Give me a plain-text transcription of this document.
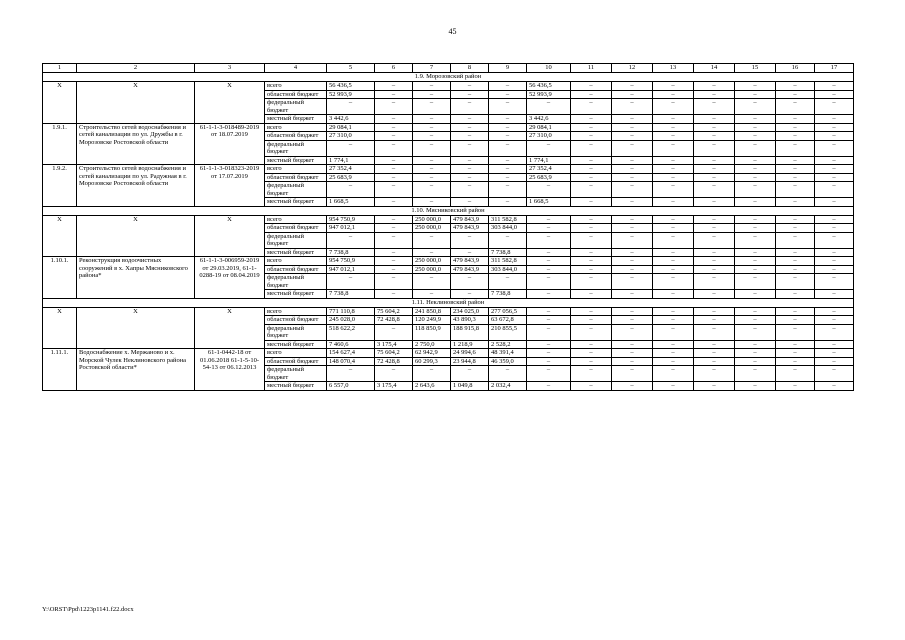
45
1	2	3	4	5	6	7	8	9	10	11	12	13	14	15	16	17
1.9. Морозовский район																
Х	Х	Х	всего	56 436,5	–	–	–	–	56 436,5	–	–	–	–	–	–	–
			областной бюджет	52 993,9	–	–	–	–	52 993,9	–	–	–	–	–	–	–
			федеральный бюджет	–	–	–	–	–	–	–	–	–	–	–	–	–
			местный бюджет	3 442,6	–	–	–	–	3 442,6	–	–	–	–	–	–	–
1.9.1.	Строительство сетей водоснабжения и сетей канализации по ул. Дружбы в г. Морозовске Ростовской области	61-1-1-3-018489-2019 от 18.07.2019	всего	29 084,1	–	–	–	–	29 084,1	–	–	–	–	–	–	–
			областной бюджет	27 310,0	–	–	–	–	27 310,0	–	–	–	–	–	–	–
			федеральный бюджет	–	–	–	–	–	–	–	–	–	–	–	–	–
			местный бюджет	1 774,1	–	–	–	–	1 774,1	–	–	–	–	–	–	–
1.9.2.	Строительство сетей водоснабжения и сетей канализации по ул. Радужная в г. Морозовске Ростовской области	61-1-1-3-018323-2019 от 17.07.2019	всего	27 352,4	–	–	–	–	27 352,4	–	–	–	–	–	–	–
			областной бюджет	25 683,9	–	–	–	–	25 683,9	–	–	–	–	–	–	–
			федеральный бюджет	–	–	–	–	–	–	–	–	–	–	–	–	–
			местный бюджет	1 668,5	–	–	–	–	1 668,5	–	–	–	–	–	–	–
1.10. Мясниковский район																
Х	Х	Х	всего	954 750,9	–	250 000,0	479 843,9	311 582,8	–	–	–	–	–	–	–	–
			областной бюджет	947 012,1	–	250 000,0	479 843,9	303 844,0	–	–	–	–	–	–	–	–
			федеральный бюджет	–	–	–	–	–	–	–	–	–	–	–	–	–
			местный бюджет	7 738,8	–	–	–	7 738,8	–	–	–	–	–	–	–	–
1.10.1.	Реконструкция водоочистных сооружений в х. Хапры Мясниковского района*	61-1-1-3-006959-2019 от 29.03.2019, 61-1-0288-19 от 08.04.2019	всего	954 750,9	–	250 000,0	479 843,9	311 582,8	–	–	–	–	–	–	–	–
			областной бюджет	947 012,1	–	250 000,0	479 843,9	303 844,0	–	–	–	–	–	–	–	–
			федеральный бюджет	–	–	–	–	–	–	–	–	–	–	–	–	–
			местный бюджет	7 738,8	–	–	–	7 738,8	–	–	–	–	–	–	–	–
1.11. Неклиновский район																
Х	Х	Х	всего	771 110,8	75 604,2	241 850,8	234 025,0	277 056,5	–	–	–	–	–	–	–	–
			областной бюджет	245 028,0	72 428,8	120 249,9	43 890,3	63 672,8	–	–	–	–	–	–	–	–
			федеральный бюджет	518 622,2	–	118 850,9	188 915,8	210 855,5	–	–	–	–	–	–	–	–
			местный бюджет	7 460,6	3 175,4	2 750,0	1 218,9	2 528,2	–	–	–	–	–	–	–	–
1.11.1.	Водоснабжение х. Мержаново и х. Морской Чулек Неклиновского района Ростовской области*	61-1-0442-18 от 01.06.2018 61-1-5-10-54-13 от 06.12.2013	всего	154 627,4	75 604,2	62 942,9	24 994,6	48 391,4	–	–	–	–	–	–	–	–
			областной бюджет	148 070,4	72 428,8	60 299,3	23 944,8	46 359,0	–	–	–	–	–	–	–	–
			федеральный бюджет	–	–	–	–	–	–	–	–	–	–	–	–	–
			местный бюджет	6 557,0	3 175,4	2 643,6	1 049,8	2 032,4	–	–	–	–	–	–	–	–
Y:\ORST\Ppd\1223p1141.f22.docx
